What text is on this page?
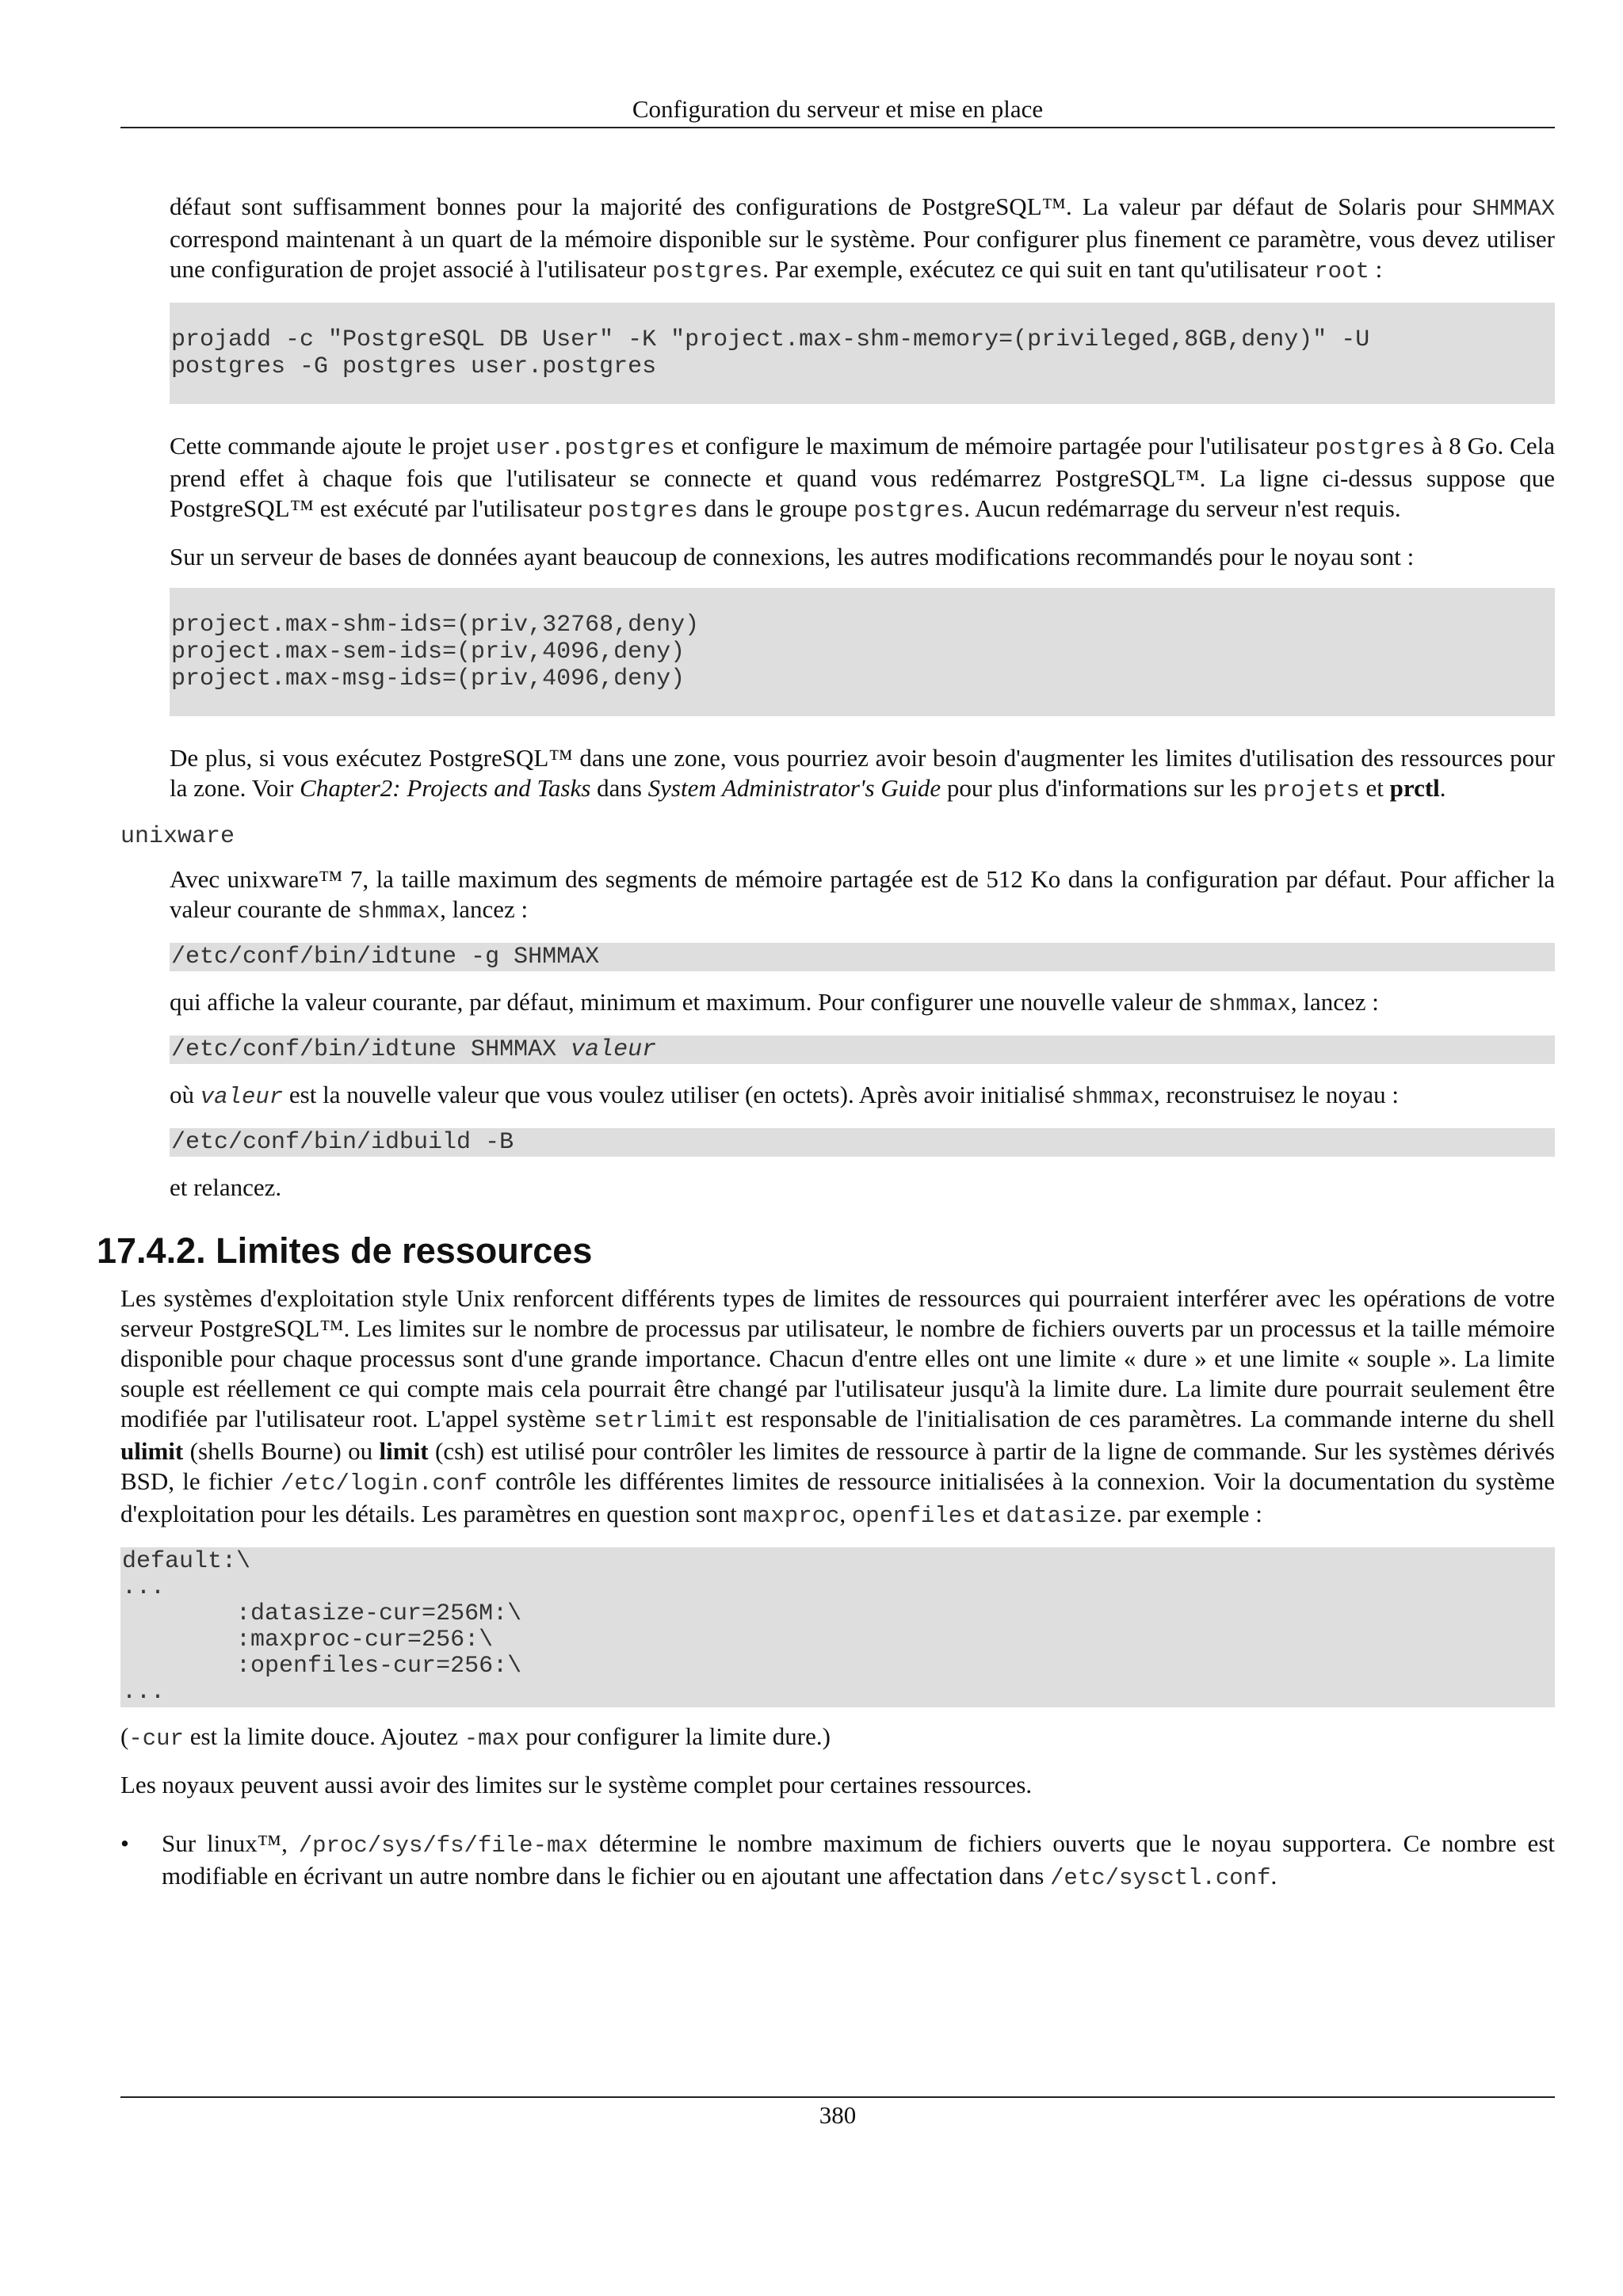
Configuration du serveur et mise en place

défaut sont suffisamment bonnes pour la majorité des configurations de PostgreSQL™. La valeur par défaut de Solaris pour SHMMAX correspond maintenant à un quart de la mémoire disponible sur le système. Pour configurer plus finement ce paramètre, vous devez utiliser une configuration de projet associé à l'utilisateur postgres. Par exemple, exécutez ce qui suit en tant qu'utilisateur root :

projadd -c "PostgreSQL DB User" -K "project.max-shm-memory=(privileged,8GB,deny)" -U
postgres -G postgres user.postgres

Cette commande ajoute le projet user.postgres et configure le maximum de mémoire partagée pour l'utilisateur postgres à 8 Go. Cela prend effet à chaque fois que l'utilisateur se connecte et quand vous redémarrez PostgreSQL™. La ligne ci-dessus suppose que PostgreSQL™ est exécuté par l'utilisateur postgres dans le groupe postgres. Aucun redémarrage du serveur n'est requis.

Sur un serveur de bases de données ayant beaucoup de connexions, les autres modifications recommandés pour le noyau sont :

project.max-shm-ids=(priv,32768,deny)
project.max-sem-ids=(priv,4096,deny)
project.max-msg-ids=(priv,4096,deny)

De plus, si vous exécutez PostgreSQL™ dans une zone, vous pourriez avoir besoin d'augmenter les limites d'utilisation des ressources pour la zone. Voir Chapter2: Projects and Tasks dans System Administrator's Guide pour plus d'informations sur les projets et prctl.

unixware

Avec unixware™ 7, la taille maximum des segments de mémoire partagée est de 512 Ko dans la configuration par défaut. Pour afficher la valeur courante de shmmax, lancez :

/etc/conf/bin/idtune -g SHMMAX

qui affiche la valeur courante, par défaut, minimum et maximum. Pour configurer une nouvelle valeur de shmmax, lancez :

/etc/conf/bin/idtune SHMMAX valeur

où valeur est la nouvelle valeur que vous voulez utiliser (en octets). Après avoir initialisé shmmax, reconstruisez le noyau :

/etc/conf/bin/idbuild -B

et relancez.

17.4.2. Limites de ressources

Les systèmes d'exploitation style Unix renforcent différents types de limites de ressources qui pourraient interférer avec les opérations de votre serveur PostgreSQL™. Les limites sur le nombre de processus par utilisateur, le nombre de fichiers ouverts par un processus et la taille mémoire disponible pour chaque processus sont d'une grande importance. Chacun d'entre elles ont une limite « dure » et une limite « souple ». La limite souple est réellement ce qui compte mais cela pourrait être changé par l'utilisateur jusqu'à la limite dure. La limite dure pourrait seulement être modifiée par l'utilisateur root. L'appel système setrlimit est responsable de l'initialisation de ces paramètres. La commande interne du shell ulimit (shells Bourne) ou limit (csh) est utilisé pour contrôler les limites de ressource à partir de la ligne de commande. Sur les systèmes dérivés BSD, le fichier /etc/login.conf contrôle les différentes limites de ressource initialisées à la connexion. Voir la documentation du système d'exploitation pour les détails. Les paramètres en question sont maxproc, openfiles et datasize. par exemple :

default:\
...
:datasize-cur=256M:\
:maxproc-cur=256:\
:openfiles-cur=256:\
...

(-cur est la limite douce. Ajoutez -max pour configurer la limite dure.)

Les noyaux peuvent aussi avoir des limites sur le système complet pour certaines ressources.

• Sur linux™, /proc/sys/fs/file-max détermine le nombre maximum de fichiers ouverts que le noyau supportera. Ce nombre est modifiable en écrivant un autre nombre dans le fichier ou en ajoutant une affectation dans /etc/sysctl.conf.

380
